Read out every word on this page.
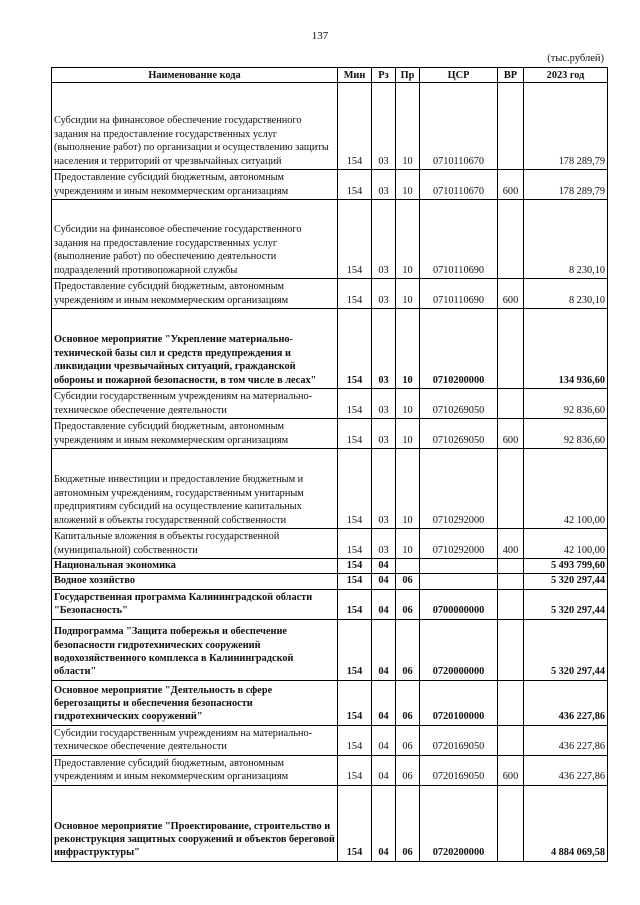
137
(тыс.рублей)
Наименование кода	Мин	Рз	Пр	ЦСР	ВР	2023 год
Субсидии на финансовое обеспечение государственного задания на предоставление государственных услуг (выполнение работ) по организации и осуществлению защиты населения и территорий от чрезвычайных ситуаций	154	03	10	0710110670		178 289,79
Предоставление субсидий бюджетным, автономным учреждениям и иным некоммерческим организациям	154	03	10	0710110670	600	178 289,79
Субсидии на финансовое обеспечение государственного задания на предоставление государственных услуг (выполнение работ) по обеспечению деятельности подразделений противопожарной службы	154	03	10	0710110690		8 230,10
Предоставление субсидий бюджетным, автономным учреждениям и иным некоммерческим организациям	154	03	10	0710110690	600	8 230,10
Основное мероприятие "Укрепление материально-технической базы сил и средств предупреждения и ликвидации чрезвычайных ситуаций, гражданской обороны и пожарной безопасности, в том числе в лесах"	154	03	10	0710200000		134 936,60
Субсидии государственным учреждениям на материально-техническое обеспечение деятельности	154	03	10	0710269050		92 836,60
Предоставление субсидий бюджетным, автономным учреждениям и иным некоммерческим организациям	154	03	10	0710269050	600	92 836,60
Бюджетные инвестиции и предоставление бюджетным и автономным учреждениям, государственным унитарным предприятиям субсидий на осуществление капитальных вложений в объекты государственной собственности	154	03	10	0710292000		42 100,00
Капитальные вложения в объекты государственной (муниципальной) собственности	154	03	10	0710292000	400	42 100,00
Национальная экономика	154	04				5 493 799,60
Водное хозяйство	154	04	06			5 320 297,44
Государственная программа Калининградской области "Безопасность"	154	04	06	0700000000		5 320 297,44
Подпрограмма "Защита побережья и обеспечение безопасности гидротехнических сооружений водохозяйственного комплекса в Калининградской области"	154	04	06	0720000000		5 320 297,44
Основное мероприятие "Деятельность в сфере берегозащиты и обеспечения безопасности гидротехнических сооружений"	154	04	06	0720100000		436 227,86
Субсидии государственным учреждениям на материально-техническое обеспечение деятельности	154	04	06	0720169050		436 227,86
Предоставление субсидий бюджетным, автономным учреждениям и иным некоммерческим организациям	154	04	06	0720169050	600	436 227,86
Основное мероприятие "Проектирование, строительство и реконструкция защитных сооружений и объектов береговой инфраструктуры"	154	04	06	0720200000		4 884 069,58
